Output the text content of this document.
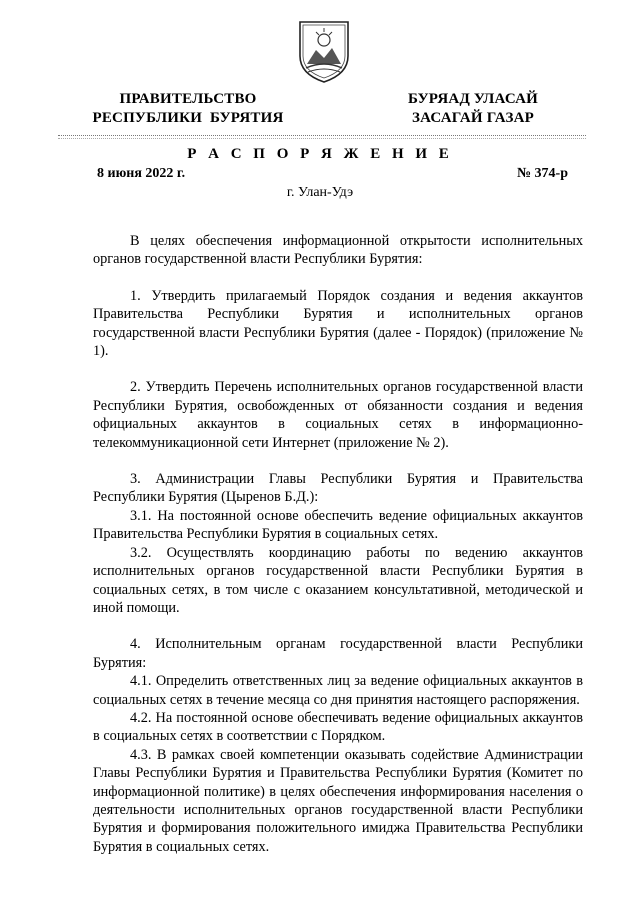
ПРАВИТЕЛЬСТВО
РЕСПУБЛИКИ  БУРЯТИЯ
БУРЯАД УЛАСАЙ
ЗАСАГАЙ ГАЗАР
Р А С П О Р Я Ж Е Н И Е
8 июня 2022 г.	№ 374-р
г. Улан-Удэ

В целях обеспечения информационной открытости исполнительных органов государственной власти Республики Бурятия:

1. Утвердить прилагаемый Порядок создания и ведения аккаунтов Правительства Республики Бурятия и исполнительных органов государственной власти Республики Бурятия (далее - Порядок) (приложение № 1).

2. Утвердить Перечень исполнительных органов государственной власти Республики Бурятия, освобожденных от обязанности создания и ведения официальных аккаунтов в социальных сетях в информационно-телекоммуникационной сети Интернет (приложение № 2).

3. Администрации Главы Республики Бурятия и Правительства Республики Бурятия (Цыренов Б.Д.):

3.1. На постоянной основе обеспечить ведение официальных аккаунтов Правительства Республики Бурятия в социальных сетях.

3.2. Осуществлять координацию работы по ведению аккаунтов исполнительных органов государственной власти Республики Бурятия в социальных сетях, в том числе с оказанием консультативной, методической и иной помощи.

4. Исполнительным органам государственной власти Республики Бурятия:

4.1. Определить ответственных лиц за ведение официальных аккаунтов в социальных сетях в течение месяца со дня принятия настоящего распоряжения.

4.2. На постоянной основе обеспечивать ведение официальных аккаунтов в социальных сетях в соответствии с Порядком.

4.3. В рамках своей компетенции оказывать содействие Администрации Главы Республики Бурятия и Правительства Республики Бурятия (Комитет по информационной политике) в целях обеспечения информирования населения о деятельности исполнительных органов государственной власти Республики Бурятия и формирования положительного имиджа Правительства Республики Бурятия в социальных сетях.
